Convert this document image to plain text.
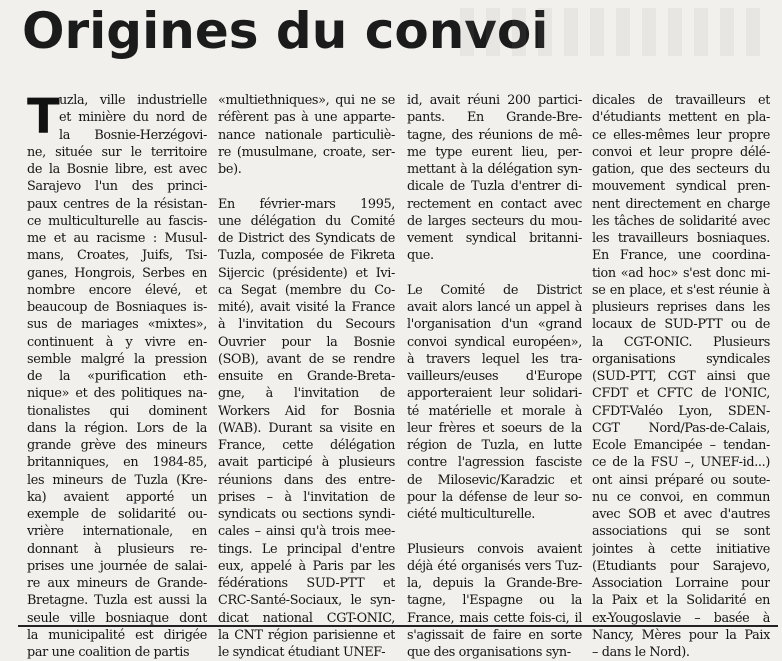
Origines du convoi
T uzla, ville industrielle
et minière du nord de
la Bosnie-Herzégovi-
ne, située sur le territoire
de la Bosnie libre, est avec
Sarajevo l'un des princi-
paux centres de la résistan-
ce multiculturelle au fascis-
me et au racisme : Musul-
mans, Croates, Juifs, Tsi-
ganes, Hongrois, Serbes en
nombre encore élevé, et
beaucoup de Bosniaques is-
sus de mariages «mixtes»,
continuent à y vivre en-
semble malgré la pression
de la «purification eth-
nique» et des politiques na-
tionalistes qui dominent
dans la région. Lors de la
grande grève des mineurs
britanniques, en 1984-85,
les mineurs de Tuzla (Kre-
ka) avaient apporté un
exemple de solidarité ou-
vrière internationale, en
donnant à plusieurs re-
prises une journée de salai-
re aux mineurs de Grande-
Bretagne. Tuzla est aussi la
seule ville bosniaque dont
la municipalité est dirigée
par une coalition de partis
«multiethniques», qui ne se
réfèrent pas à une apparte-
nance nationale particuliè-
re (musulmane, croate, ser-
be).
En février-mars 1995,
une délégation du Comité
de District des Syndicats de
Tuzla, composée de Fikreta
Sijercic (présidente) et Ivi-
ca Segat (membre du Co-
mité), avait visité la France
à l'invitation du Secours
Ouvrier pour la Bosnie
(SOB), avant de se rendre
ensuite en Grande-Breta-
gne, à l'invitation de
Workers Aid for Bosnia
(WAB). Durant sa visite en
France, cette délégation
avait participé à plusieurs
réunions dans des entre-
prises – à l'invitation de
syndicats ou sections syndi-
cales – ainsi qu'à trois mee-
tings. Le principal d'entre
eux, appelé à Paris par les
fédérations SUD-PTT et
CRC-Santé-Sociaux, le syn-
dicat national CGT-ONIC,
la CNT région parisienne et
le syndicat étudiant UNEF-
id, avait réuni 200 partici-
pants. En Grande-Bre-
tagne, des réunions de mê-
me type eurent lieu, per-
mettant à la délégation syn-
dicale de Tuzla d'entrer di-
rectement en contact avec
de larges secteurs du mou-
vement syndical britanni-
que.
Le Comité de District
avait alors lancé un appel à
l'organisation d'un «grand
convoi syndical européen»,
à travers lequel les tra-
vailleurs/euses d'Europe
apporteraient leur solidari-
té matérielle et morale à
leur frères et soeurs de la
région de Tuzla, en lutte
contre l'agression fasciste
de Milosevic/Karadzic et
pour la défense de leur so-
ciété multiculturelle.
Plusieurs convois avaient
déjà été organisés vers Tuz-
la, depuis la Grande-Bre-
tagne, l'Espagne ou la
France, mais cette fois-ci, il
s'agissait de faire en sorte
que des organisations syn-
dicales de travailleurs et
d'étudiants mettent en pla-
ce elles-mêmes leur propre
convoi et leur propre délé-
gation, que des secteurs du
mouvement syndical pren-
nent directement en charge
les tâches de solidarité avec
les travailleurs bosniaques.
En France, une coordina-
tion «ad hoc» s'est donc mi-
se en place, et s'est réunie à
plusieurs reprises dans les
locaux de SUD-PTT ou de
la CGT-ONIC. Plusieurs
organisations syndicales
(SUD-PTT, CGT ainsi que
CFDT et CFTC de l'ONIC,
CFDT-Valéo Lyon, SDEN-
CGT Nord/Pas-de-Calais,
Ecole Emancipée – tendan-
ce de la FSU –, UNEF-id...)
ont ainsi préparé ou soute-
nu ce convoi, en commun
avec SOB et avec d'autres
associations qui se sont
jointes à cette initiative
(Etudiants pour Sarajevo,
Association Lorraine pour
la Paix et la Solidarité en
ex-Yougoslavie – basée à
Nancy, Mères pour la Paix
– dans le Nord).
